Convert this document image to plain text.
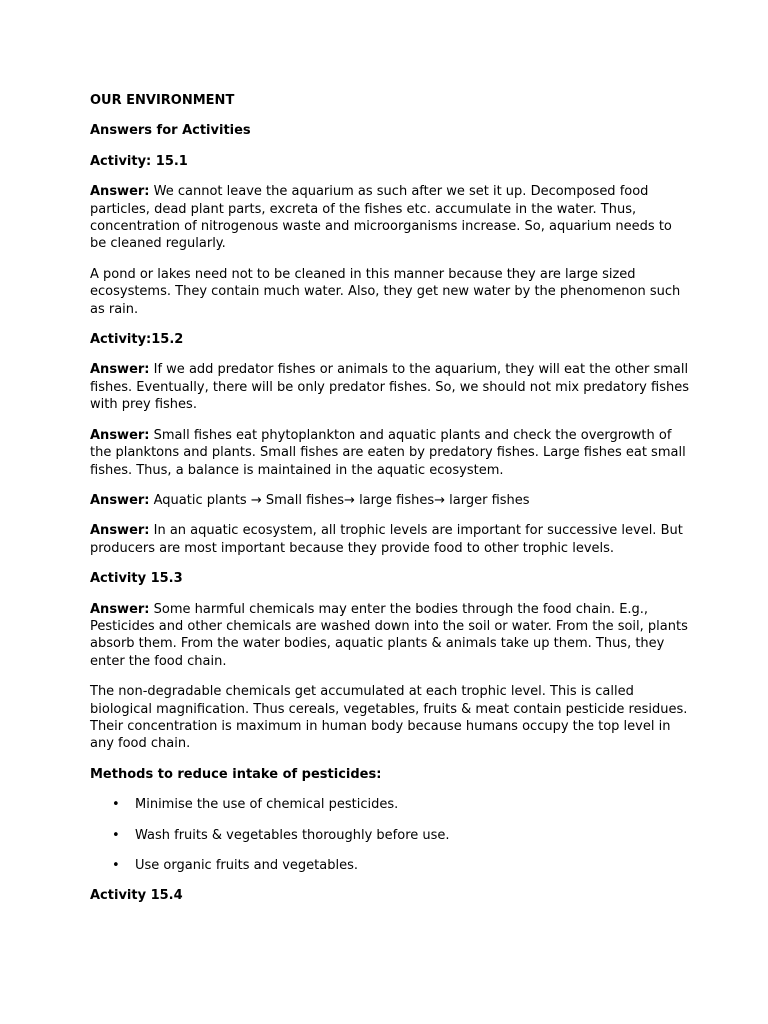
OUR ENVIRONMENT
Answers for Activities
Activity: 15.1

Answer: We cannot leave the aquarium as such after we set it up. Decomposed food particles, dead plant parts, excreta of the fishes etc. accumulate in the water. Thus, concentration of nitrogenous waste and microorganisms increase. So, aquarium needs to be cleaned regularly.

A pond or lakes need not to be cleaned in this manner because they are large sized ecosystems. They contain much water. Also, they get new water by the phenomenon such as rain.

Activity:15.2

Answer: If we add predator fishes or animals to the aquarium, they will eat the other small fishes. Eventually, there will be only predator fishes. So, we should not mix predatory fishes with prey fishes.

Answer: Small fishes eat phytoplankton and aquatic plants and check the overgrowth of the planktons and plants. Small fishes are eaten by predatory fishes. Large fishes eat small fishes. Thus, a balance is maintained in the aquatic ecosystem.

Answer: Aquatic plants → Small fishes→ large fishes→ larger fishes

Answer: In an aquatic ecosystem, all trophic levels are important for successive level. But producers are most important because they provide food to other trophic levels.

Activity 15.3

Answer: Some harmful chemicals may enter the bodies through the food chain. E.g., Pesticides and other chemicals are washed down into the soil or water. From the soil, plants absorb them. From the water bodies, aquatic plants & animals take up them. Thus, they enter the food chain.

The non-degradable chemicals get accumulated at each trophic level. This is called biological magnification. Thus cereals, vegetables, fruits & meat contain pesticide residues. Their concentration is maximum in human body because humans occupy the top level in any food chain.

Methods to reduce intake of pesticides:
• Minimise the use of chemical pesticides.
• Wash fruits & vegetables thoroughly before use.
• Use organic fruits and vegetables.
Activity 15.4
